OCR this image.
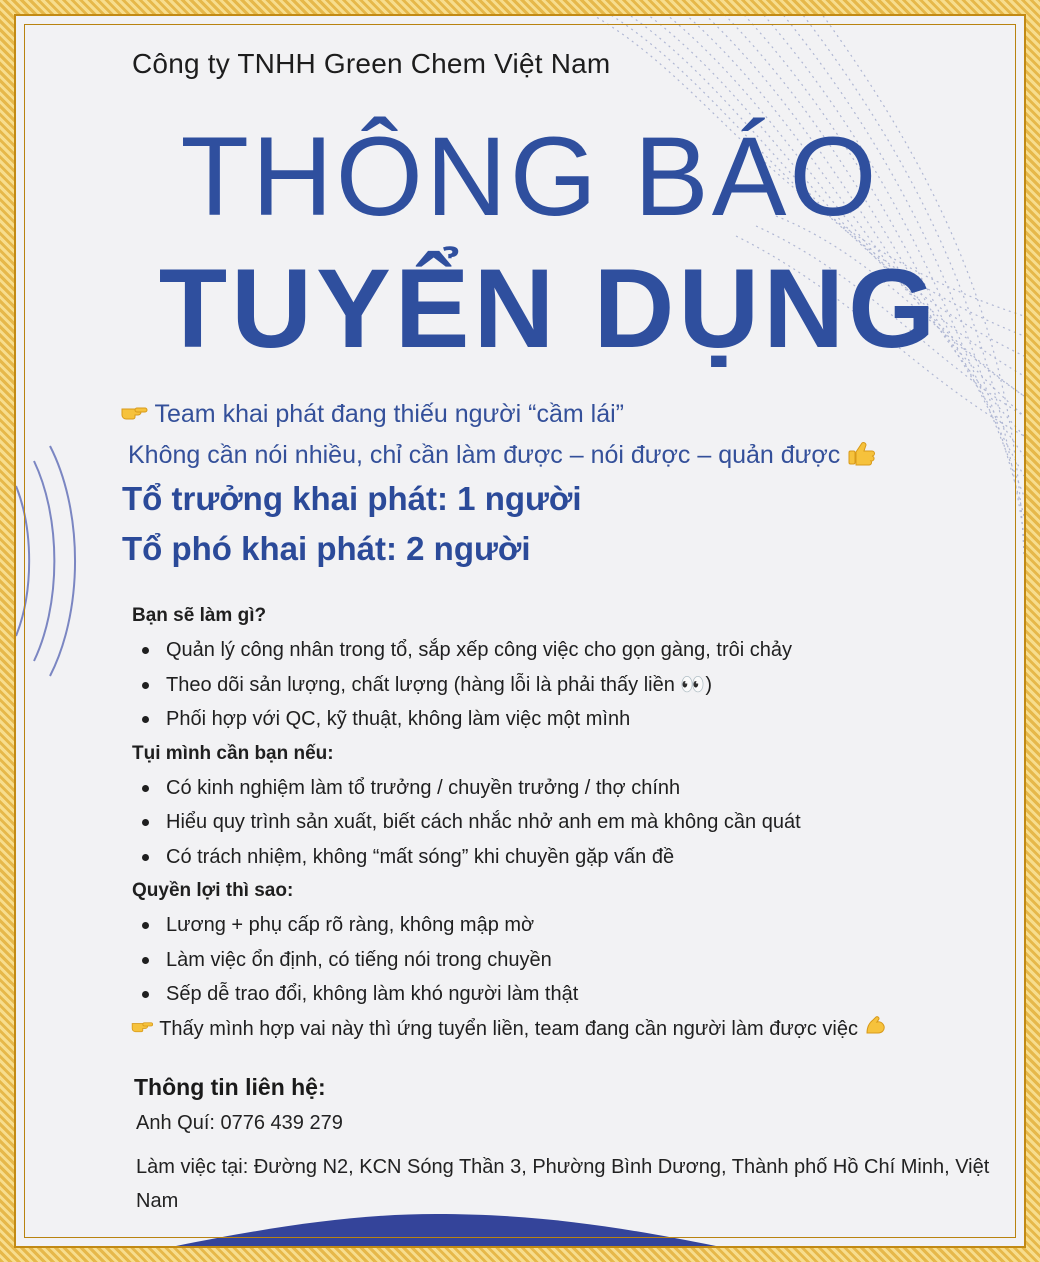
Công ty TNHH Green Chem Việt Nam
THÔNG BÁO
TUYỂN DỤNG
Team khai phát đang thiếu người “cầm lái”
Không cần nói nhiều, chỉ cần làm được – nói được – quản được
Tổ trưởng khai phát: 1 người
Tổ phó khai phát: 2 người
Bạn sẽ làm gì?
Quản lý công nhân trong tổ, sắp xếp công việc cho gọn gàng, trôi chảy
Theo dõi sản lượng, chất lượng (hàng lỗi là phải thấy liền 👀)
Phối hợp với QC, kỹ thuật, không làm việc một mình
Tụi mình cần bạn nếu:
Có kinh nghiệm làm tổ trưởng / chuyền trưởng / thợ chính
Hiểu quy trình sản xuất, biết cách nhắc nhở anh em mà không cần quát
Có trách nhiệm, không “mất sóng” khi chuyền gặp vấn đề
Quyền lợi thì sao:
Lương + phụ cấp rõ ràng, không mập mờ
Làm việc ổn định, có tiếng nói trong chuyền
Sếp dễ trao đổi, không làm khó người làm thật
Thấy mình hợp vai này thì ứng tuyển liền, team đang cần người làm được việc
Thông tin liên hệ:
Anh Quí: 0776 439 279
Làm việc tại: Đường N2, KCN Sóng Thần 3, Phường Bình Dương, Thành phố Hồ Chí Minh, Việt Nam
